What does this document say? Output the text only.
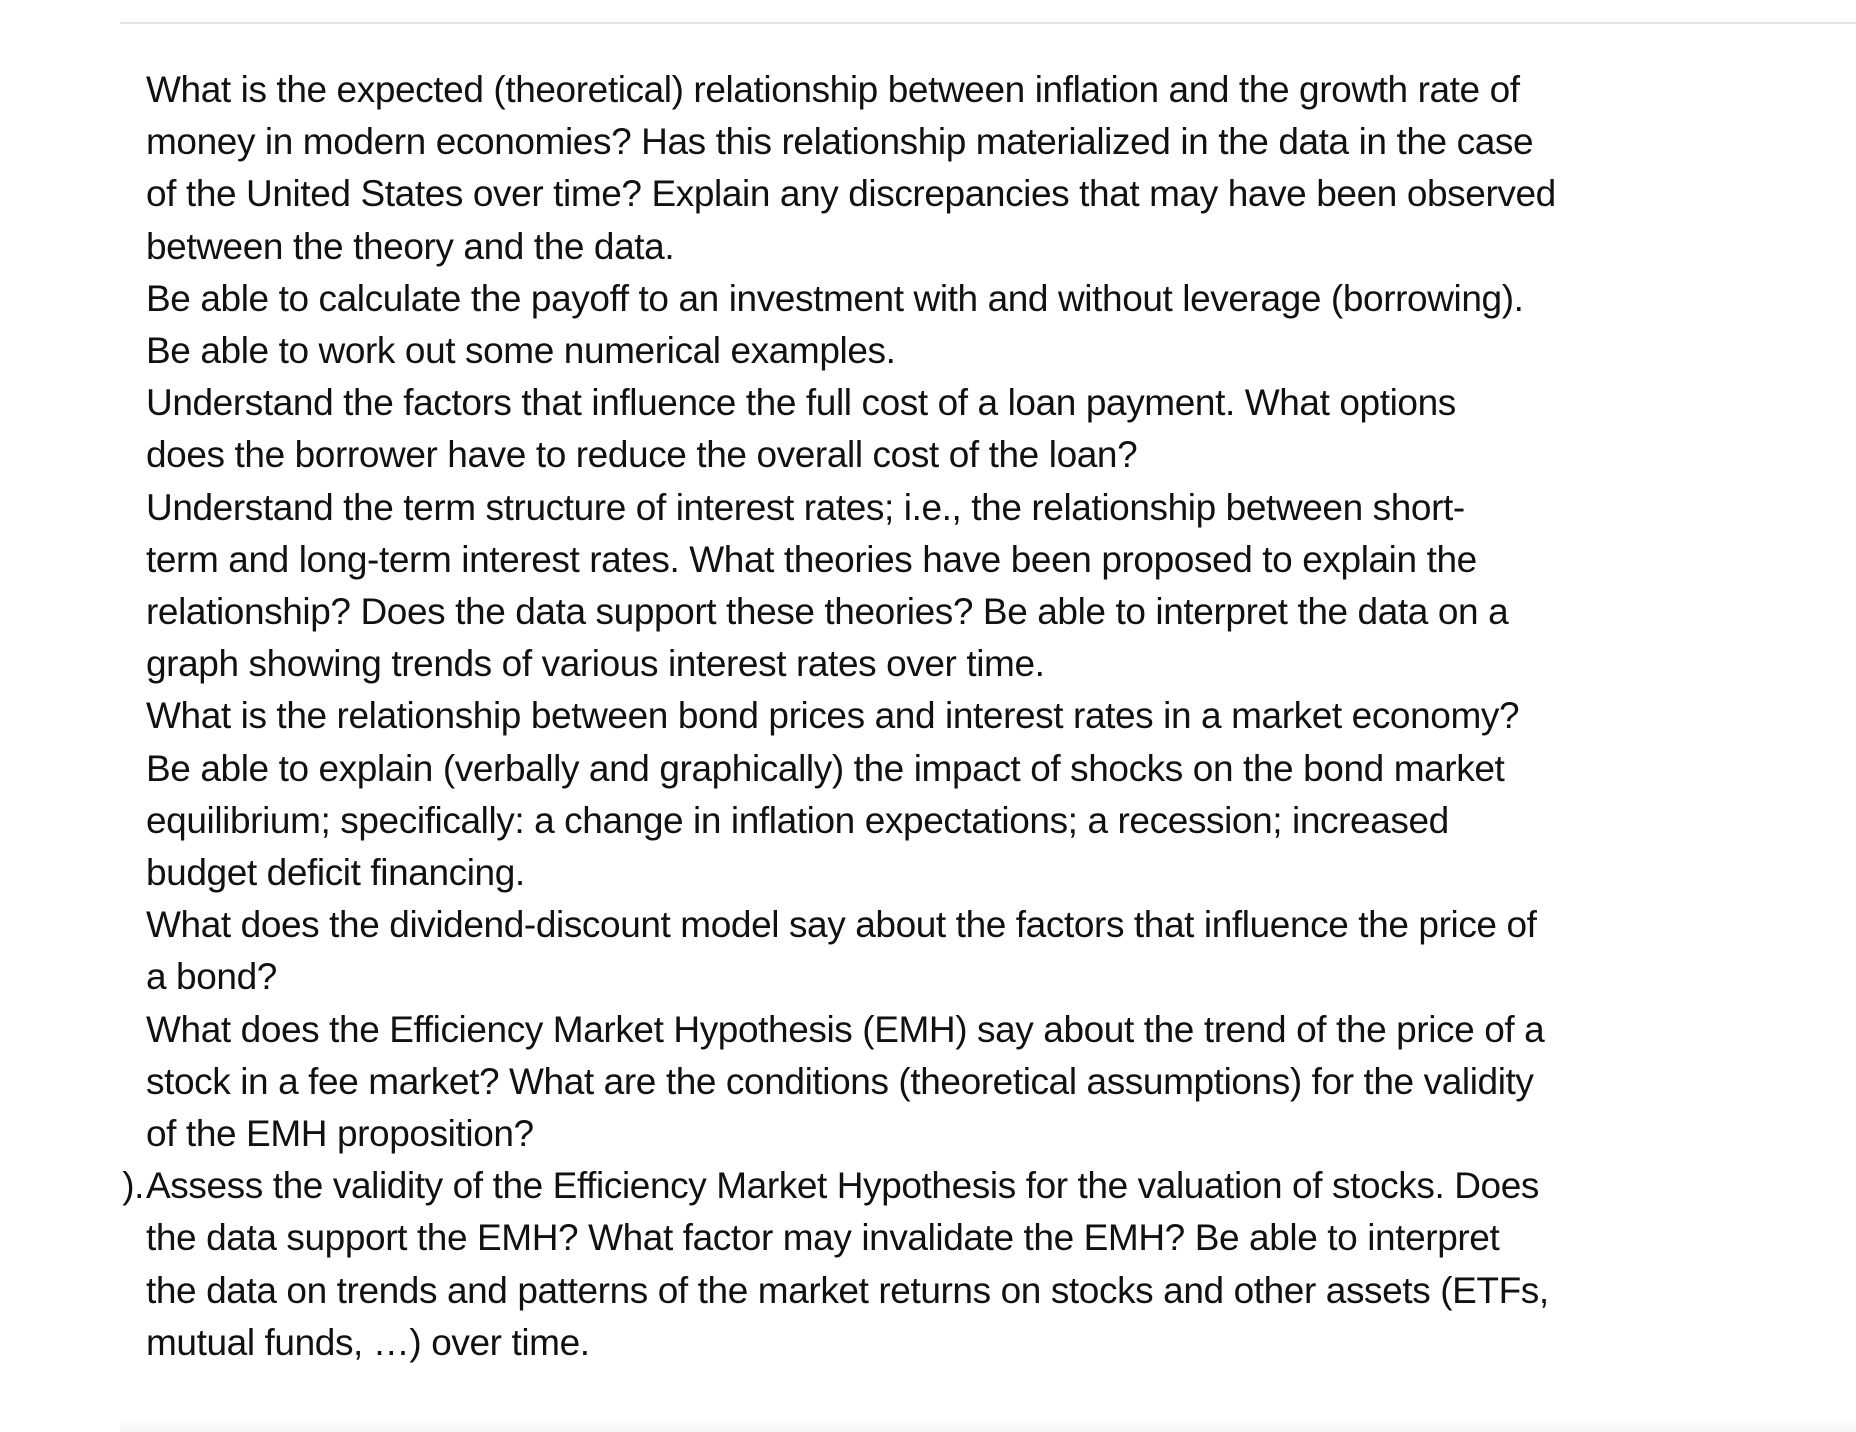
What is the expected (theoretical) relationship between inflation and the growth rate of
money in modern economies? Has this relationship materialized in the data in the case
of the United States over time? Explain any discrepancies that may have been observed
between the theory and the data.
Be able to calculate the payoff to an investment with and without leverage (borrowing).
Be able to work out some numerical examples.
Understand the factors that influence the full cost of a loan payment. What options
does the borrower have to reduce the overall cost of the loan?
Understand the term structure of interest rates; i.e., the relationship between short-
term and long-term interest rates. What theories have been proposed to explain the
relationship? Does the data support these theories? Be able to interpret the data on a
graph showing trends of various interest rates over time.
What is the relationship between bond prices and interest rates in a market economy?
Be able to explain (verbally and graphically) the impact of shocks on the bond market
equilibrium; specifically: a change in inflation expectations; a recession; increased
budget deficit financing.
What does the dividend-discount model say about the factors that influence the price of
a bond?
What does the Efficiency Market Hypothesis (EMH) say about the trend of the price of a
stock in a fee market? What are the conditions (theoretical assumptions) for the validity
of the EMH proposition?
). Assess the validity of the Efficiency Market Hypothesis for the valuation of stocks. Does
the data support the EMH? What factor may invalidate the EMH? Be able to interpret
the data on trends and patterns of the market returns on stocks and other assets (ETFs,
mutual funds, …) over time.
